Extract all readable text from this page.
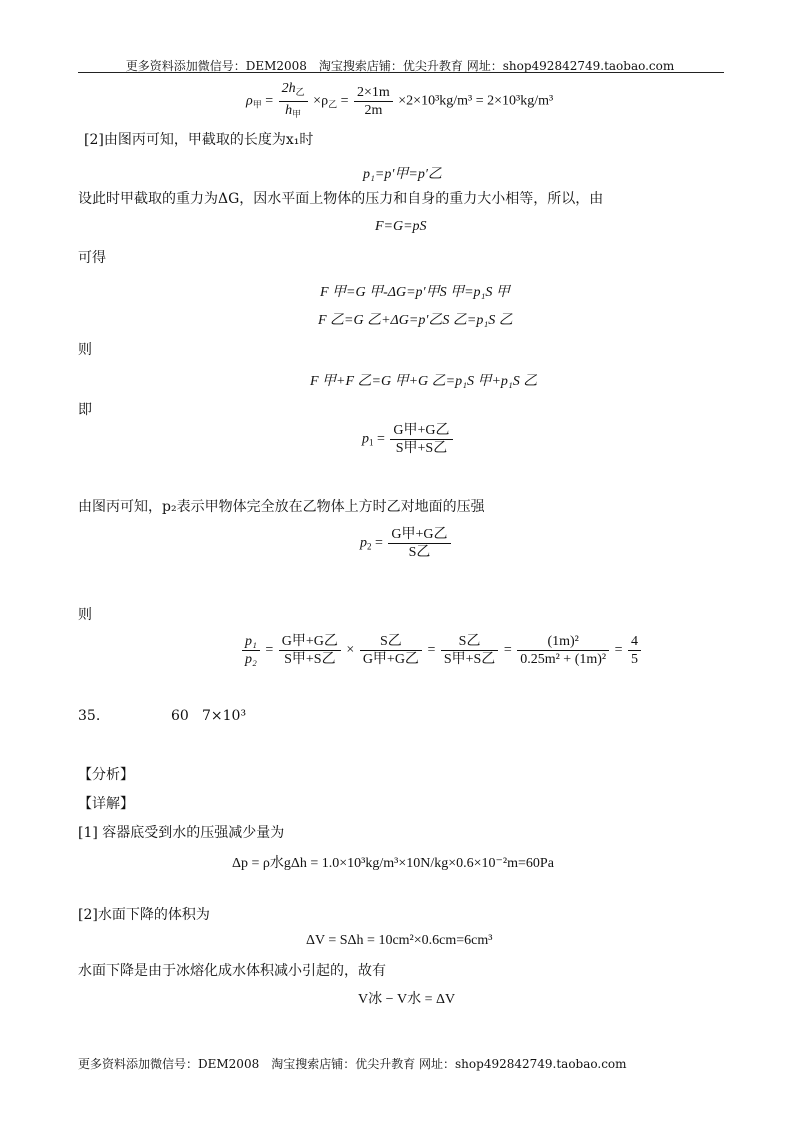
更多资料添加微信号：DEM2008　淘宝搜索店铺：优尖升教育 网址：shop492842749.taobao.com
$\rho_甲 = \frac{2h_乙}{h_甲} \times\rho_乙 = \frac{2\times 1m}{2m} \times 2\times 10^3kg/m^3 = 2\times 10^3kg/m^3$
[2]由图丙可知，甲截取的长度为x₁时
p₁=p′甲=p′乙
设此时甲截取的重力为ΔG，因水平面上物体的压力和自身的重力大小相等，所以，由
F=G=pS
可得
F 甲=G 甲-ΔG=p′甲S 甲=p₁S 甲
F 乙=G 乙+ΔG=p′乙S 乙=p₁S 乙
则
F 甲+F 乙=G 甲+G 乙=p₁S 甲+p₁S 乙
即
$p_1 = \frac{\text{G甲+G乙}}{\text{S甲+S乙}}$
由图丙可知，p₂表示甲物体完全放在乙物体上方时乙对地面的压强
$p_2 = \frac{\text{G甲+G乙}}{\text{S乙}}$
则
$\frac{\text{p₁}}{\text{p₂}} = \frac{\text{G甲+G乙}}{\text{S甲+S乙}} \times \frac{\text{S乙}}{\text{G甲+G乙}} = \frac{\text{S乙}}{\text{S甲+S乙}} = \frac{\text{(1m)²}}{\text{0.25m² + (1m)²}} = \frac{4}{5}$
35.	60 7×10³
【分析】
【详解】
[1] 容器底受到水的压强减少量为
Δp = ρ水gΔh = 1.0×10³kg/m³×10N/kg×0.6×10⁻²m=60Pa
[2]水面下降的体积为
ΔV = SΔh = 10cm²×0.6cm=6cm³
水面下降是由于冰熔化成水体积减小引起的，故有
V冰 − V水 = ΔV
更多资料添加微信号：DEM2008　淘宝搜索店铺：优尖升教育 网址：shop492842749.taobao.com
